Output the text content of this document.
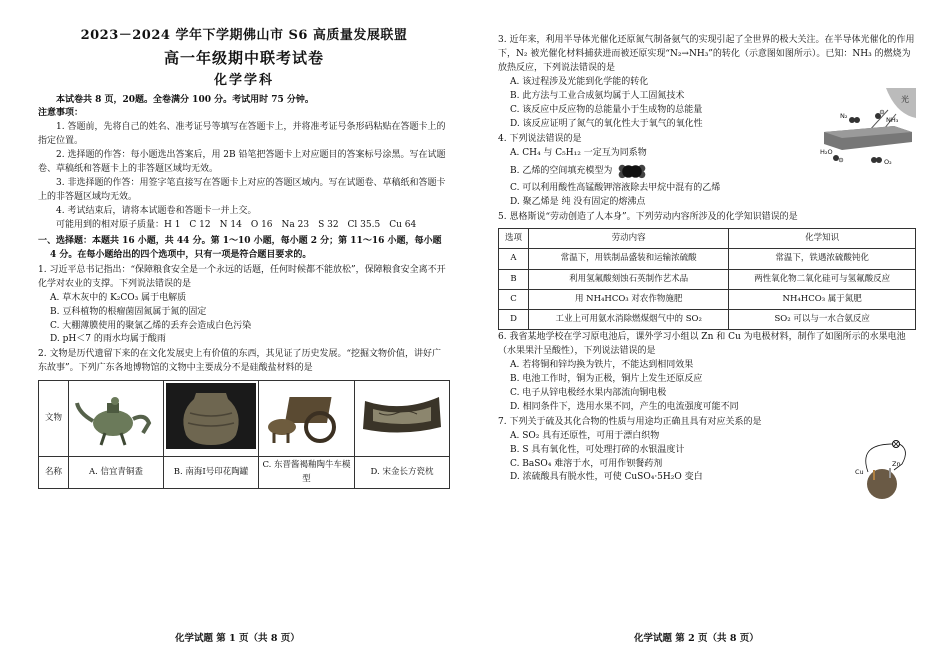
2023－2024 学年下学期佛山市 S6 高质量发展联盟
高一年级期中联考试卷
化学学科
本试卷共 8 页，20题。全卷满分 100 分。考试用时 75 分钟。
注意事项：
1. 答题前，先将自己的姓名、准考证号等填写在答题卡上，并将准考证号条形码粘贴在答题卡上的指定位置。
2. 选择题的作答：每小题选出答案后，用 2B 铅笔把答题卡上对应题目的答案标号涂黑。写在试题卷、草稿纸和答题卡上的非答题区域均无效。
3. 非选择题的作答：用签字笔直接写在答题卡上对应的答题区域内。写在试题卷、草稿纸和答题卡上的非答题区域均无效。
4. 考试结束后，请将本试题卷和答题卡一并上交。
可能用到的相对原子质量：H 1　C 12　N 14　O 16　Na 23　S 32　Cl 35.5　Cu 64
一、选择题：本题共 16 小题，共 44 分。第 1～10 小题，每小题 2 分；第 11～16 小题，每小题
4 分。在每小题给出的四个选项中，只有一项是符合题目要求的。
1. 习近平总书记指出：“保障粮食安全是一个永远的话题，任何时候都不能放松”，保障粮食安全离不开化学对农业的支撑。下列说法错误的是
A. 草木灰中的 K₂CO₃ 属于电解质
B. 豆科植物的根瘤菌固氮属于氮的固定
C. 大棚薄膜使用的聚氯乙烯的丢弃会造成白色污染
D. pH＜7 的雨水均属于酸雨
2. 文物是历代遗留下来的在文化发展史上有价值的东西，其见证了历史发展。“挖掘文物价值，讲好广东故事”。下列广东各地博物馆的文物中主要成分不是硅酸盐材料的是
文物				
名称	A. 信宜青铜盉	B. 南海Ⅰ号印花陶罐	C. 东晋酱褐釉陶牛车模型	D. 宋金长方瓷枕
化学试题 第 1 页（共 8 页）
3. 近年来，利用半导体光催化还原氮气制备氨气的实现引起了全世界的极大关注。在半导体光催化的作用下，N₂ 被光催化材料捕获进而被还原实现“N₂→NH₃”的转化（示意图如图所示）。已知：NH₃ 的燃烧为放热反应，下列说法错误的是
A. 该过程涉及光能到化学能的转化
B. 此方法与工业合成氨均属于人工固氮技术
C. 该反应中反应物的总能量小于生成物的总能量
D. 该反应证明了氮气的氧化性大于氧气的氧化性
光
N₂	NH₃
H₂O
O₂
4. 下列说法错误的是
A. CH₄ 与 C₅H₁₂ 一定互为同系物
B. 乙烯的空间填充模型为
C. 可以利用酸性高锰酸钾溶液除去甲烷中混有的乙烯
D. 聚乙烯是 纯 没有固定的熔沸点
5. 恩格斯说“劳动创造了人本身”。下列劳动内容所涉及的化学知识错误的是
选项	劳动内容	化学知识
A	常温下，用铁制品盛装和运输浓硫酸	常温下，铁遇浓硫酸钝化
B	利用氢氟酸刻蚀石英制作艺术品	两性氧化物二氧化硅可与氢氟酸反应
C	用 NH₄HCO₃ 对农作物施肥	NH₄HCO₃ 属于氮肥
D	工业上可用氨水消除燃煤烟气中的 SO₂	SO₂ 可以与一水合氨反应
6. 我省某地学校在学习原电池后，课外学习小组以 Zn 和 Cu 为电极材料，制作了如图所示的水果电池（水果果汁呈酸性），下列说法错误的是
A. 若将铜和锌均换为铁片，不能达到相同效果
B. 电池工作时，铜为正极，铜片上发生还原反应
C. 电子从锌电极经水果内部流向铜电极
D. 相同条件下，选用水果不同，产生的电流强度可能不同
Cu
Zn
7. 下列关于硫及其化合物的性质与用途均正确且具有对应关系的是
A. SO₂ 具有还原性，可用于漂白织物
B. S 具有氧化性，可处理打碎的水银温度计
C. BaSO₄ 难溶于水，可用作钡餐药剂
D. 浓硫酸具有脱水性，可使 CuSO₄·5H₂O 变白
化学试题 第 2 页（共 8 页）
